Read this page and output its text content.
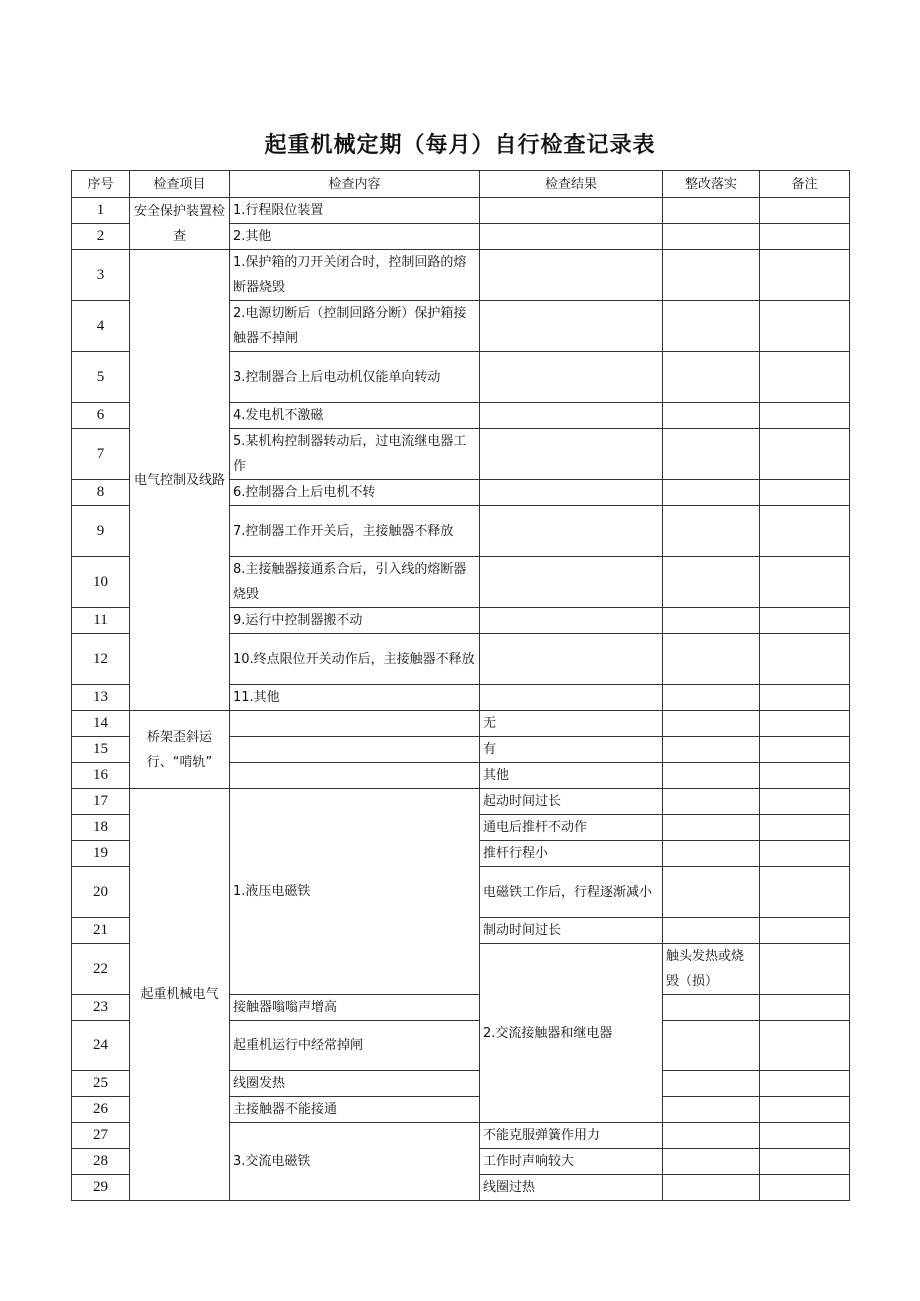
起重机械定期（每月）自行检查记录表
序号	检查项目	检查内容	检查结果	整改落实	备注	
1	安全保护装置检查	1.行程限位装置				
2		2.其他				
3	电气控制及线路	1.保护箱的刀开关闭合时，控制回路的熔断器烧毁				
4		2.电源切断后（控制回路分断）保护箱接触器不掉闸				
5		3.控制器合上后电动机仅能单向转动				
6		4.发电机不激磁				
7		5.某机构控制器转动后，过电流继电器工作				
8		6.控制器合上后电机不转				
9		7.控制器工作开关后，主接触器不释放				
10		8.主接触器接通系合后，引入线的熔断器烧毁				
11		9.运行中控制器搬不动				
12		10.终点限位开关动作后，主接触器不释放				
13		11.其他				
14	桥架歪斜运行、“啃轨”		无			
15			有			
16			其他			
17	起重机械电气	1.液压电磁铁	起动时间过长			
18			通电后推杆不动作			
19			推杆行程小			
20			电磁铁工作后，行程逐渐减小			
21			制动时间过长			
22			2.交流接触器和继电器	触头发热或烧毁（损）		
23		接触器嗡嗡声增高				
24		起重机运行中经常掉闸				
25		线圈发热				
26		主接触器不能接通				
27		3.交流电磁铁	不能克服弹簧作用力			
28			工作时声响较大			
29			线圈过热			
